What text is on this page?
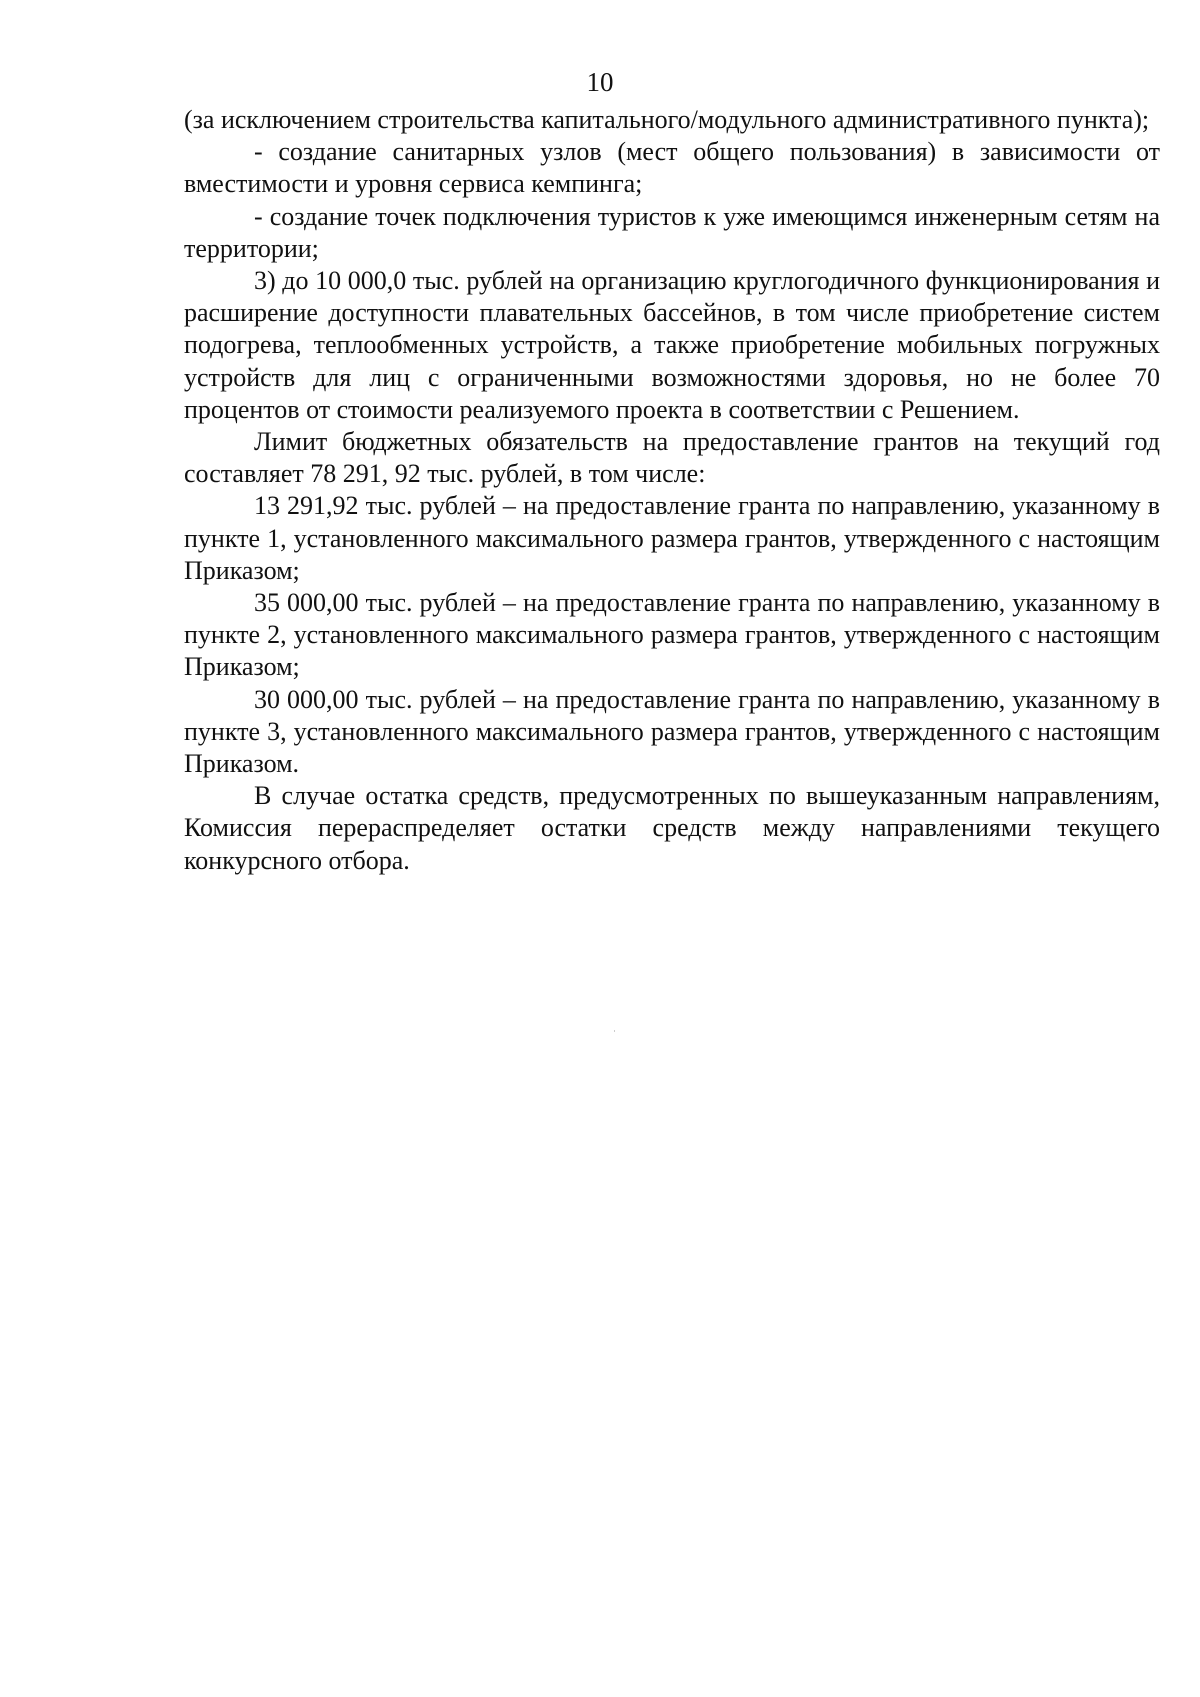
10

(за исключением строительства капитального/модульного административного пункта);

- создание санитарных узлов (мест общего пользования) в зависимости от вместимости и уровня сервиса кемпинга;

- создание точек подключения туристов к уже имеющимся инженерным сетям на территории;

3) до 10 000,0 тыс. рублей на организацию круглогодичного функционирования и расширение доступности плавательных бассейнов, в том числе приобретение систем подогрева, теплообменных устройств, а также приобретение мобильных погружных устройств для лиц с ограниченными возможностями здоровья, но не более 70 процентов от стоимости реализуемого проекта в соответствии с Решением.

Лимит бюджетных обязательств на предоставление грантов на текущий год составляет 78 291, 92 тыс. рублей, в том числе:

13 291,92 тыс. рублей – на предоставление гранта по направлению, указанному в пункте 1, установленного максимального размера грантов, утвержденного с настоящим Приказом;

35 000,00 тыс. рублей – на предоставление гранта по направлению, указанному в пункте 2, установленного максимального размера грантов, утвержденного с настоящим Приказом;

30 000,00 тыс. рублей – на предоставление гранта по направлению, указанному в пункте 3, установленного максимального размера грантов, утвержденного с настоящим Приказом.

В случае остатка средств, предусмотренных по вышеуказанным направлениям, Комиссия перераспределяет остатки средств между направлениями текущего конкурсного отбора.
